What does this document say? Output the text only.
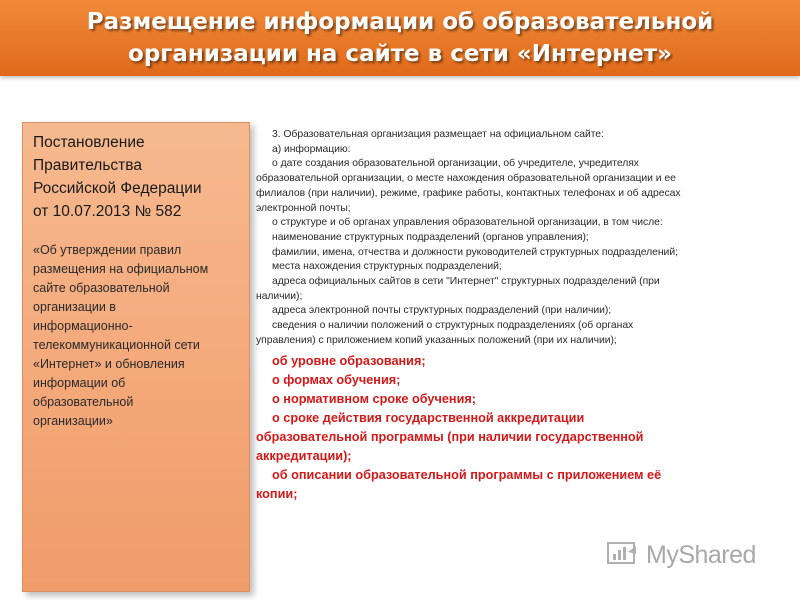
Размещение информации об образовательной
организации на сайте в сети «Интернет»
Постановление
Правительства
Российской Федерации
от 10.07.2013 № 582
«Об утверждении правил
размещения на официальном
сайте образовательной
организации в
информационно-
телекоммуникационной сети
«Интернет» и обновления
информации об
образовательной
организации»

3. Образовательная организация размещает на официальном сайте:

а) информацию:

о дате создания образовательной организации, об учредителе, учредителях

образовательной организации, о месте нахождения образовательной организации и ее

филиалов (при наличии), режиме, графике работы, контактных телефонах и об адресах

электронной почты;

о структуре и об органах управления образовательной организации, в том числе:

наименование структурных подразделений (органов управления);

фамилии, имена, отчества и должности руководителей структурных подразделений;

места нахождения структурных подразделений;

адреса официальных сайтов в сети "Интернет" структурных подразделений (при

наличии);

адреса электронной почты структурных подразделений (при наличии);

сведения о наличии положений о структурных подразделениях (об органах

управления) с приложением копий указанных положений (при их наличии);

об уровне образования;

о формах обучения;

о нормативном сроке обучения;

о сроке действия государственной аккредитации

образовательной программы (при наличии государственной

аккредитации);

об описании образовательной программы с приложением её

копии;

MyShared
